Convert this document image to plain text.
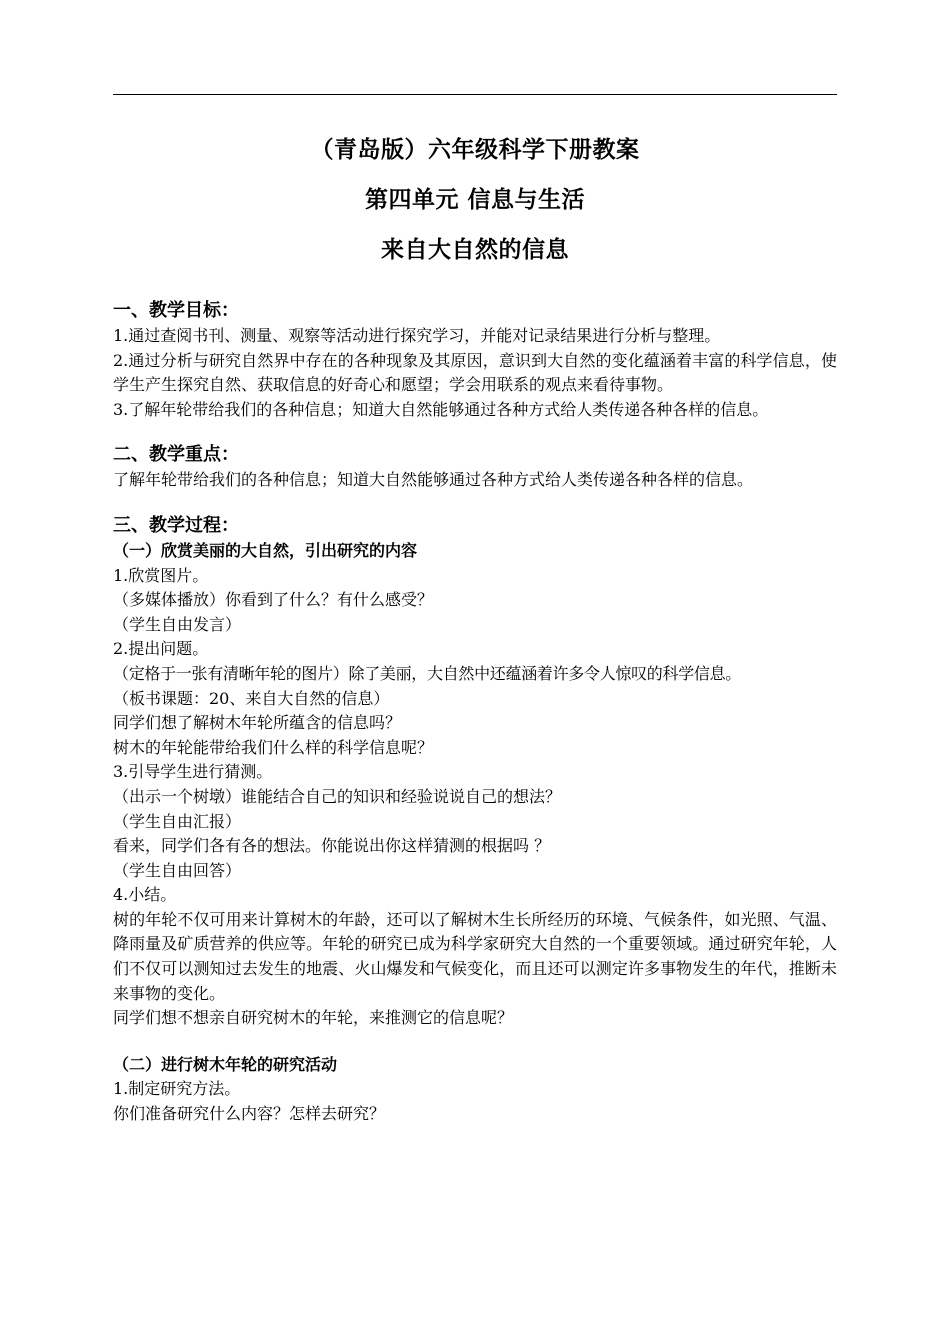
（青岛版）六年级科学下册教案
第四单元 信息与生活
来自大自然的信息
一、教学目标：

1.通过查阅书刊、测量、观察等活动进行探究学习，并能对记录结果进行分析与整理。

2.通过分析与研究自然界中存在的各种现象及其原因，意识到大自然的变化蕴涵着丰富的科学信息，使学生产生探究自然、获取信息的好奇心和愿望；学会用联系的观点来看待事物。

3.了解年轮带给我们的各种信息；知道大自然能够通过各种方式给人类传递各种各样的信息。

二、教学重点：

了解年轮带给我们的各种信息；知道大自然能够通过各种方式给人类传递各种各样的信息。

三、教学过程：
（一）欣赏美丽的大自然，引出研究的内容

1.欣赏图片。

（多媒体播放）你看到了什么？有什么感受？

（学生自由发言）

2.提出问题。

（定格于一张有清晰年轮的图片）除了美丽，大自然中还蕴涵着许多令人惊叹的科学信息。

（板书课题：20、来自大自然的信息）

同学们想了解树木年轮所蕴含的信息吗？

树木的年轮能带给我们什么样的科学信息呢？

3.引导学生进行猜测。

（出示一个树墩）谁能结合自己的知识和经验说说自己的想法？

（学生自由汇报）

看来，同学们各有各的想法。你能说出你这样猜测的根据吗 ？

（学生自由回答）

4.小结。

树的年轮不仅可用来计算树木的年龄，还可以了解树木生长所经历的环境、气候条件，如光照、气温、降雨量及矿质营养的供应等。年轮的研究已成为科学家研究大自然的一个重要领域。通过研究年轮，人们不仅可以测知过去发生的地震、火山爆发和气候变化，而且还可以测定许多事物发生的年代，推断未来事物的变化。

同学们想不想亲自研究树木的年轮，来推测它的信息呢？

（二）进行树木年轮的研究活动

1.制定研究方法。

你们准备研究什么内容？怎样去研究？
